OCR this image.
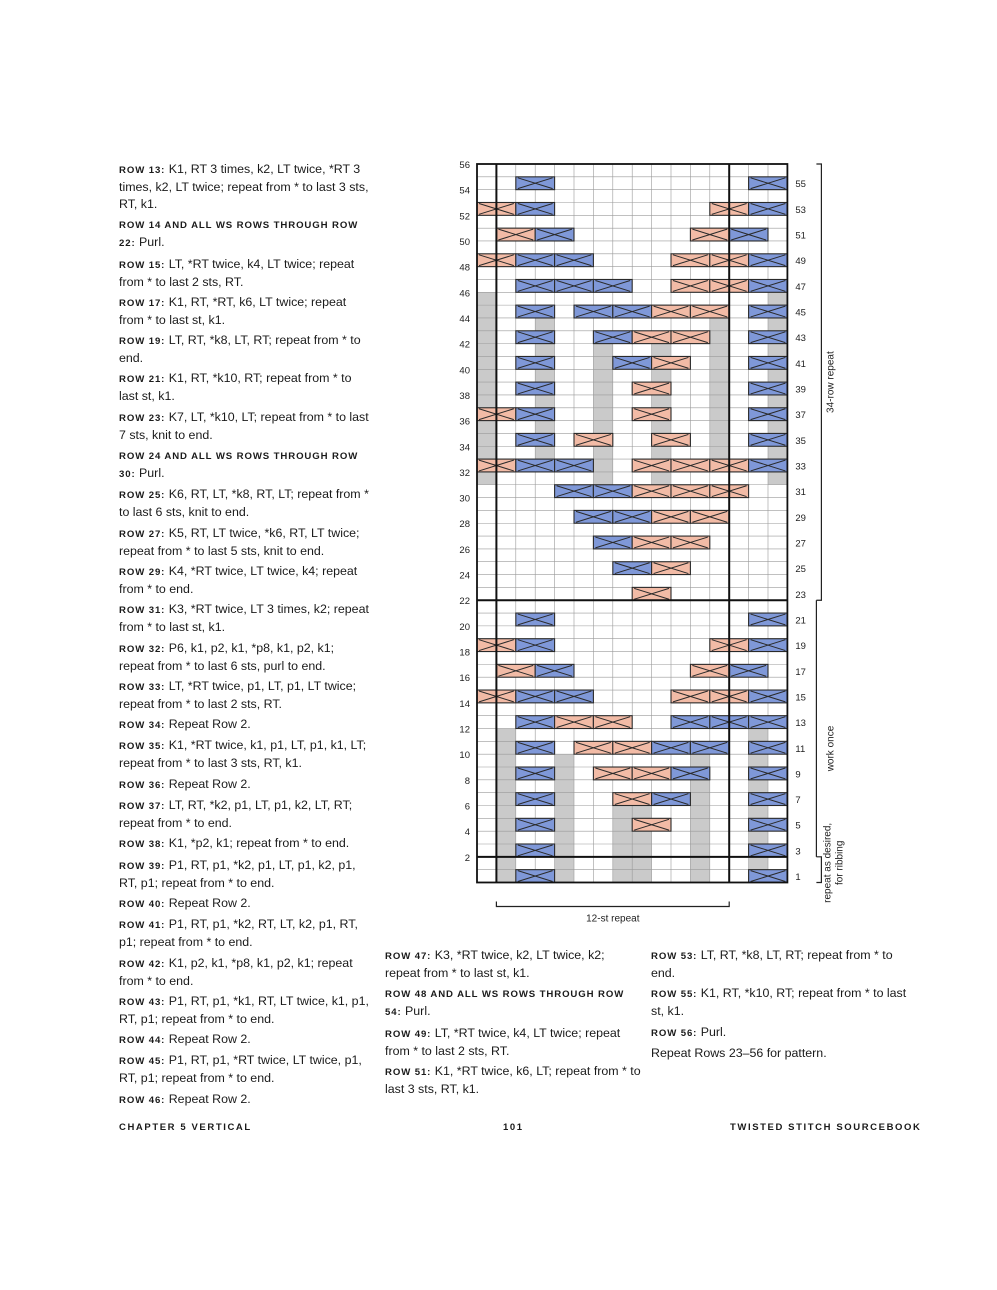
ROW 13: K1, RT 3 times, k2, LT twice, *RT 3 times, k2, LT twice; repeat from * to last 3 sts, RT, k1.

ROW 14 AND ALL WS ROWS THROUGH ROW 22: Purl.

ROW 15: LT, *RT twice, k4, LT twice; repeat from * to last 2 sts, RT.

ROW 17: K1, RT, *RT, k6, LT twice; repeat from * to last st, k1.

ROW 19: LT, RT, *k8, LT, RT; repeat from * to end.

ROW 21: K1, RT, *k10, RT; repeat from * to last st, k1.

ROW 23: K7, LT, *k10, LT; repeat from * to last 7 sts, knit to end.

ROW 24 AND ALL WS ROWS THROUGH ROW 30: Purl.

ROW 25: K6, RT, LT, *k8, RT, LT; repeat from * to last 6 sts, knit to end.

ROW 27: K5, RT, LT twice, *k6, RT, LT twice; repeat from * to last 5 sts, knit to end.

ROW 29: K4, *RT twice, LT twice, k4; repeat from * to end.

ROW 31: K3, *RT twice, LT 3 times, k2; repeat from * to last st, k1.

ROW 32: P6, k1, p2, k1, *p8, k1, p2, k1; repeat from * to last 6 sts, purl to end.

ROW 33: LT, *RT twice, p1, LT, p1, LT twice; repeat from * to last 2 sts, RT.

ROW 34: Repeat Row 2.

ROW 35: K1, *RT twice, k1, p1, LT, p1, k1, LT; repeat from * to last 3 sts, RT, k1.

ROW 36: Repeat Row 2.

ROW 37: LT, RT, *k2, p1, LT, p1, k2, LT, RT; repeat from * to end.

ROW 38: K1, *p2, k1; repeat from * to end.

ROW 39: P1, RT, p1, *k2, p1, LT, p1, k2, p1, RT, p1; repeat from * to end.

ROW 40: Repeat Row 2.

ROW 41: P1, RT, p1, *k2, RT, LT, k2, p1, RT, p1; repeat from * to end.

ROW 42: K1, p2, k1, *p8, k1, p2, k1; repeat from * to end.

ROW 43: P1, RT, p1, *k1, RT, LT twice, k1, p1, RT, p1; repeat from * to end.

ROW 44: Repeat Row 2.

ROW 45: P1, RT, p1, *RT twice, LT twice, p1, RT, p1; repeat from * to end.

ROW 46: Repeat Row 2.

ROW 47: K3, *RT twice, k2, LT twice, k2; repeat from * to last st, k1.

ROW 48 AND ALL WS ROWS THROUGH ROW 54: Purl.

ROW 49: LT, *RT twice, k4, LT twice; repeat from * to last 2 sts, RT.

ROW 51: K1, *RT twice, k6, LT; repeat from * to last 3 sts, RT, k1.

ROW 53: LT, RT, *k8, LT, RT; repeat from * to end.

ROW 55: K1, RT, *k10, RT; repeat from * to last st, k1.

ROW 56: Purl.

Repeat Rows 23–56 for pattern.

2
4
6
8
10
12
14
16
18
20
22
24
26
28
30
32
34
36
38
40
42
44
46
48
50
52
54
56
1
3
5
7
9
11
13
15
17
19
21
23
25
27
29
31
33
35
37
39
41
43
45
47
49
51
53
55
12-st repeat
34-row repeat
work once
repeat as desired, for ribbing
CHAPTER 5 VERTICAL	101	TWISTED STITCH SOURCEBOOK
